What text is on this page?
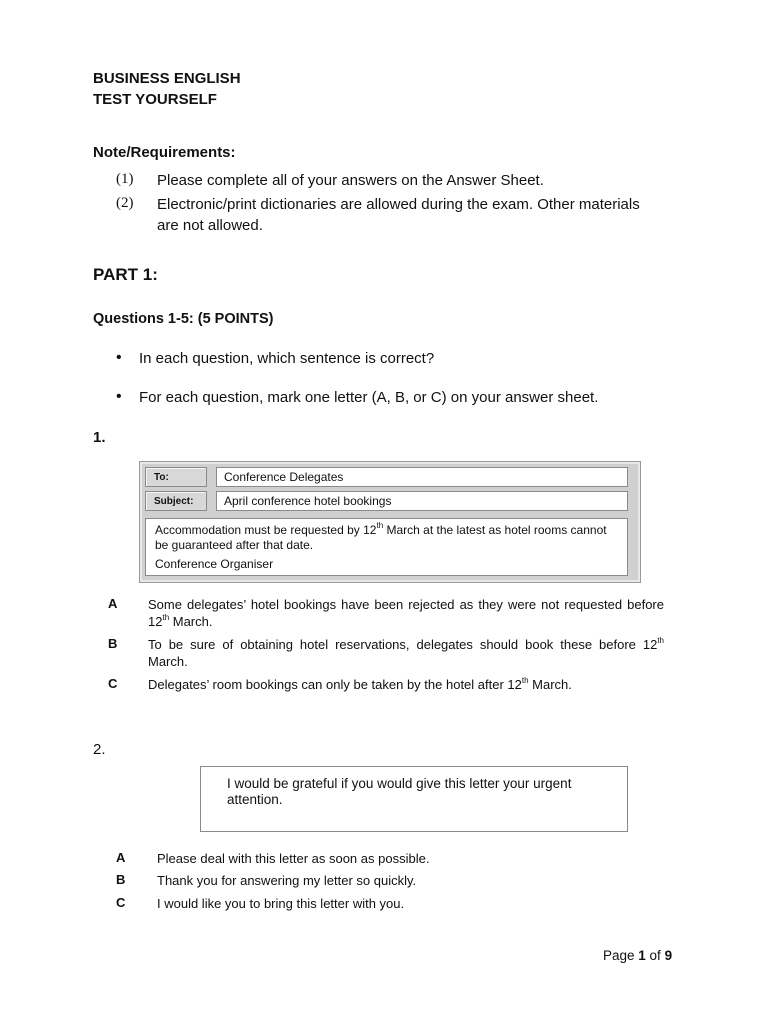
BUSINESS ENGLISH
TEST YOURSELF
Note/Requirements:
(1) Please complete all of your answers on the Answer Sheet.
(2) Electronic/print dictionaries are allowed during the exam. Other materials
are not allowed.
PART 1:
Questions 1-5: (5 POINTS)
• In each question, which sentence is correct?
• For each question, mark one letter (A, B, or C) on your answer sheet.
1.
To:	Conference Delegates
Subject:	April conference hotel bookings
Accommodation must be requested by 12th March at the latest as hotel rooms cannot be guaranteed after that date.
Conference Organiser
A Some delegates’ hotel bookings have been rejected as they were not requested before 12th March.
B To be sure of obtaining hotel reservations, delegates should book these before 12th March.
C Delegates’ room bookings can only be taken by the hotel after 12th March.
2.
I would be grateful if you would give this letter your urgent attention.
A Please deal with this letter as soon as possible.
B Thank you for answering my letter so quickly.
C I would like you to bring this letter with you.
Page 1 of 9
